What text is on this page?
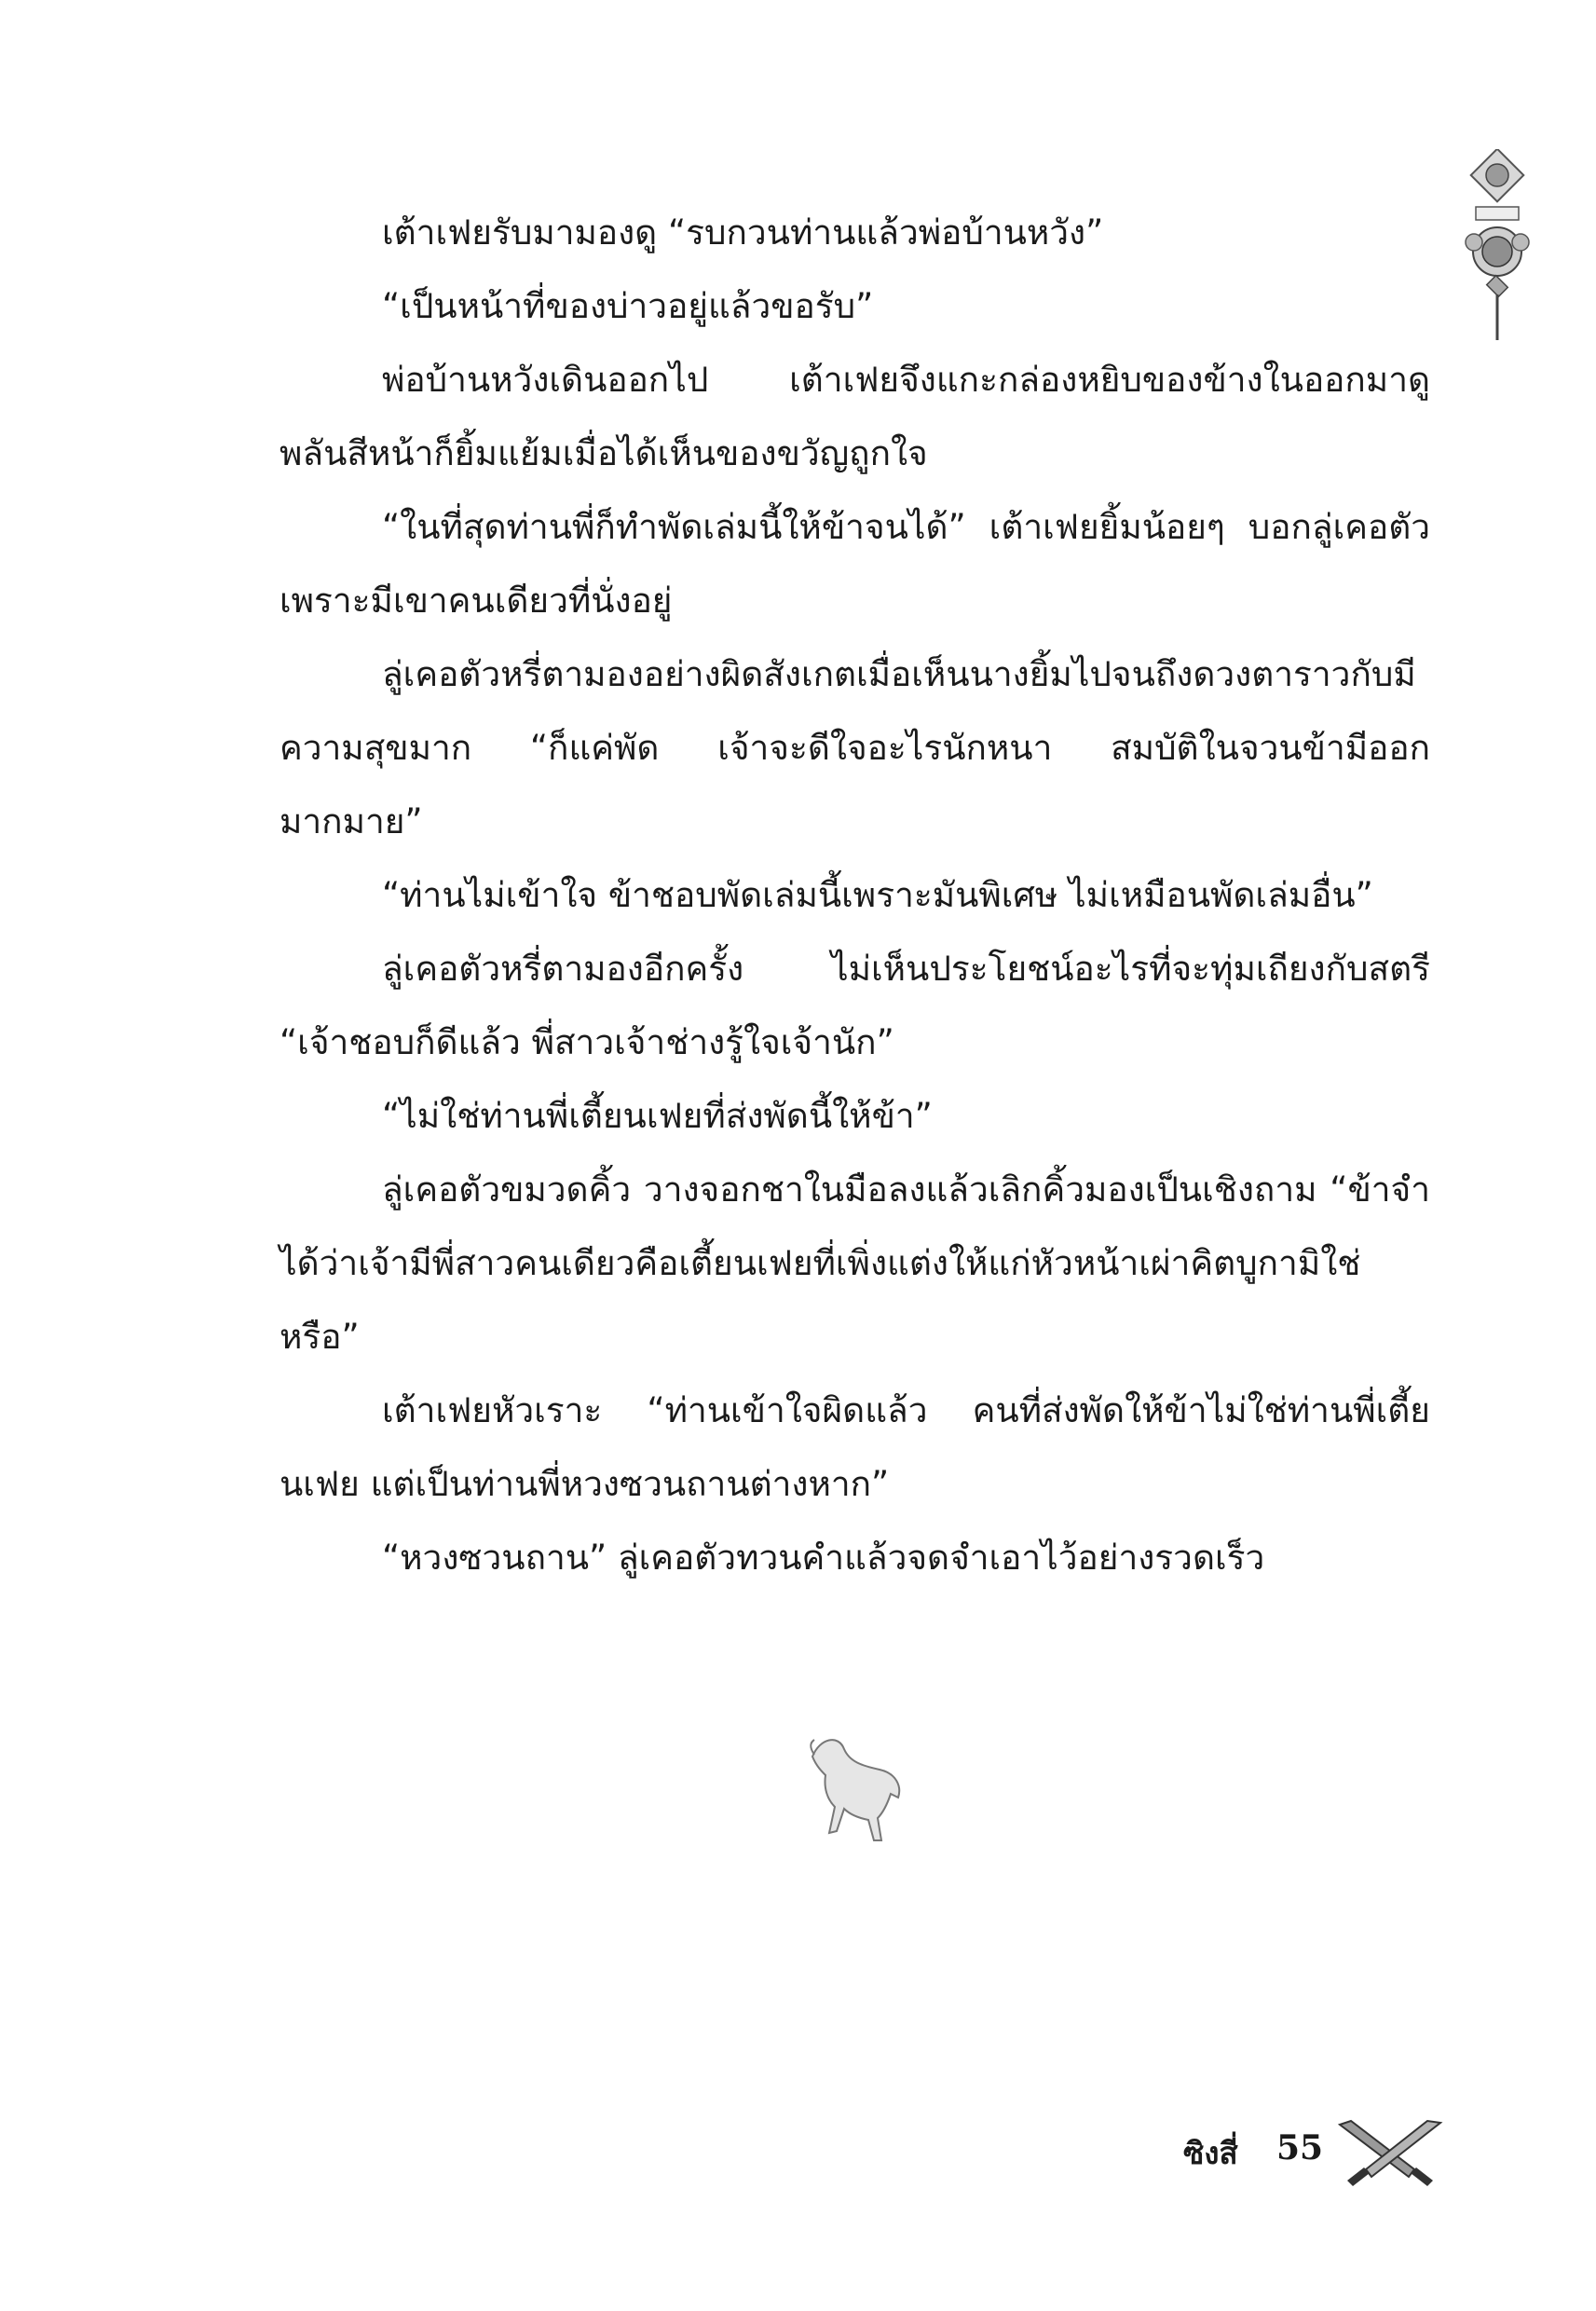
เต้าเฟยรับมามองดู “รบกวนท่านแล้วพ่อบ้านหวัง”

“เป็นหน้าที่ของบ่าวอยู่แล้วขอรับ”

พ่อบ้านหวังเดินออกไป เต้าเฟยจึงแกะกล่องหยิบของข้างในออกมาดู พลันสีหน้าก็ยิ้มแย้มเมื่อได้เห็นของขวัญถูกใจ

“ในที่สุดท่านพี่ก็ทำพัดเล่มนี้ให้ข้าจนได้” เต้าเฟยยิ้มน้อยๆ บอกลู่เคอตัว เพราะมีเขาคนเดียวที่นั่งอยู่

ลู่เคอตัวหรี่ตามองอย่างผิดสังเกตเมื่อเห็นนางยิ้มไปจนถึงดวงตาราวกับมีความสุขมาก “ก็แค่พัด เจ้าจะดีใจอะไรนักหนา สมบัติในจวนข้ามีออกมากมาย”

“ท่านไม่เข้าใจ ข้าชอบพัดเล่มนี้เพราะมันพิเศษ ไม่เหมือนพัดเล่มอื่น”

ลู่เคอตัวหรี่ตามองอีกครั้ง ไม่เห็นประโยชน์อะไรที่จะทุ่มเถียงกับสตรี “เจ้าชอบก็ดีแล้ว พี่สาวเจ้าช่างรู้ใจเจ้านัก”

“ไม่ใช่ท่านพี่เตี้ยนเฟยที่ส่งพัดนี้ให้ข้า”

ลู่เคอตัวขมวดคิ้ว วางจอกชาในมือลงแล้วเลิกคิ้วมองเป็นเชิงถาม “ข้าจำได้ว่าเจ้ามีพี่สาวคนเดียวคือเตี้ยนเฟยที่เพิ่งแต่งให้แก่หัวหน้าเผ่าคิตบูกามิใช่หรือ”

เต้าเฟยหัวเราะ “ท่านเข้าใจผิดแล้ว คนที่ส่งพัดให้ข้าไม่ใช่ท่านพี่เตี้ยนเฟย แต่เป็นท่านพี่หวงซวนถานต่างหาก”

“หวงซวนถาน” ลู่เคอตัวทวนคำแล้วจดจำเอาไว้อย่างรวดเร็ว

ซิงสี่ 55
